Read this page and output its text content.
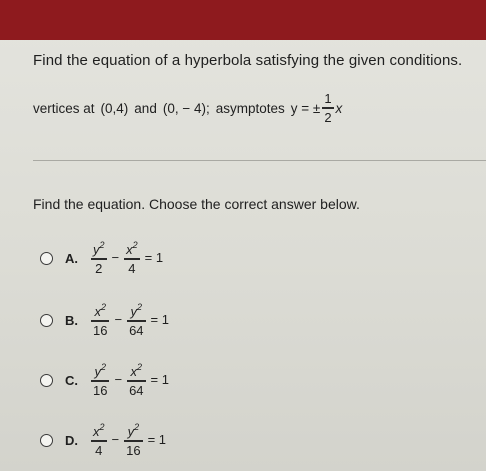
Find the equation of a hyperbola satisfying the given conditions.
vertices at (0,4) and (0, − 4); asymptotes y = ± $\frac{1}{2}$ x
Find the equation. Choose the correct answer below.
A.	$\frac{y^2}{2} - \frac{x^2}{4} = 1$
B.	$\frac{x^2}{16} - \frac{y^2}{64} = 1$
C.	$\frac{y^2}{16} - \frac{x^2}{64} = 1$
D.	$\frac{x^2}{4} - \frac{y^2}{16} = 1$
